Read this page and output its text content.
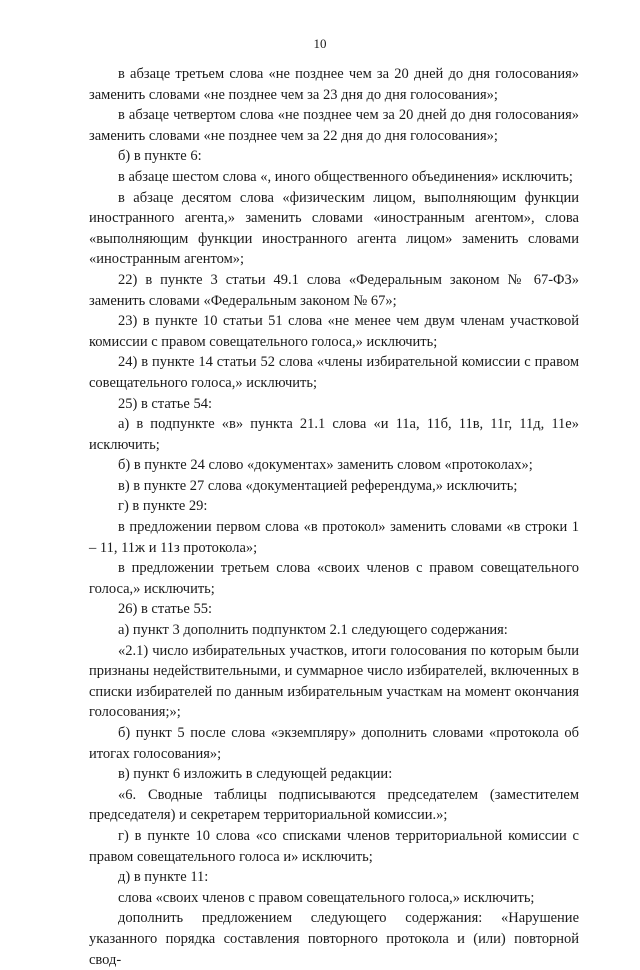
10

в абзаце третьем слова «не позднее чем за 20 дней до дня голосования» заменить словами «не позднее чем за 23 дня до дня голосования»;

в абзаце четвертом слова «не позднее чем за 20 дней до дня голосования» заменить словами «не позднее чем за 22 дня до дня голосования»;

б) в пункте 6:

в абзаце шестом слова «, иного общественного объединения» исключить;

в абзаце десятом слова «физическим лицом, выполняющим функции иностранного агента,» заменить словами «иностранным агентом», слова «выполняющим функции иностранного агента лицом» заменить словами «иностранным агентом»;

22) в пункте 3 статьи 49.1 слова «Федеральным законом № 67-ФЗ» заменить словами «Федеральным законом № 67»;

23) в пункте 10 статьи 51 слова «не менее чем двум членам участковой комиссии с правом совещательного голоса,» исключить;

24) в пункте 14 статьи 52 слова «члены избирательной комиссии с правом совещательного голоса,» исключить;

25) в статье 54:

а) в подпункте «в» пункта 21.1 слова «и 11а, 11б, 11в, 11г, 11д, 11е» исключить;

б) в пункте 24 слово «документах» заменить словом «протоколах»;

в) в пункте 27 слова «документацией референдума,» исключить;

г) в пункте 29:

в предложении первом слова «в протокол» заменить словами «в строки 1 – 11, 11ж и 11з протокола»;

в предложении третьем слова «своих членов с правом совещательного голоса,» исключить;

26) в статье 55:

а) пункт 3 дополнить подпунктом 2.1 следующего содержания:

«2.1) число избирательных участков, итоги голосования по которым были признаны недействительными, и суммарное число избирателей, включенных в списки избирателей по данным избирательным участкам на момент окончания голосования;»;

б) пункт 5 после слова «экземпляру» дополнить словами «протокола об итогах голосования»;

в) пункт 6 изложить в следующей редакции:

«6. Сводные таблицы подписываются председателем (заместителем председателя) и секретарем территориальной комиссии.»;

г) в пункте 10 слова «со списками членов территориальной комиссии с правом совещательного голоса и» исключить;

д) в пункте 11:

слова «своих членов с правом совещательного голоса,» исключить;

дополнить предложением следующего содержания: «Нарушение указанного порядка составления повторного протокола и (или) повторной свод-
